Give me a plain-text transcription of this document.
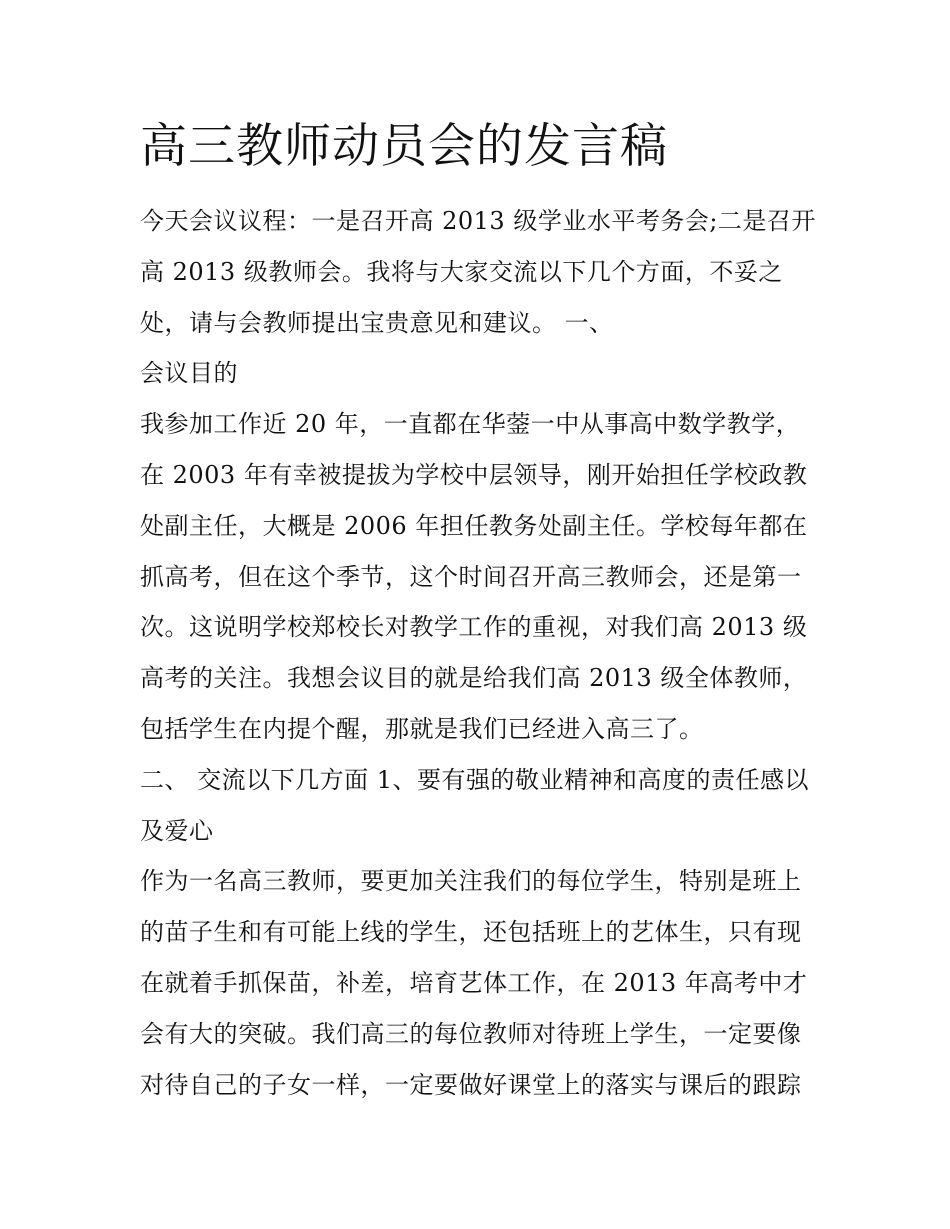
高三教师动员会的发言稿
今天会议议程：一是召开高 2013 级学业水平考务会;二是召开
高 2013 级教师会。我将与大家交流以下几个方面，不妥之
处，请与会教师提出宝贵意见和建议。 一、
会议目的
我参加工作近 20 年，一直都在华蓥一中从事高中数学教学，
在 2003 年有幸被提拔为学校中层领导，刚开始担任学校政教
处副主任，大概是 2006 年担任教务处副主任。学校每年都在
抓高考，但在这个季节，这个时间召开高三教师会，还是第一
次。这说明学校郑校长对教学工作的重视，对我们高 2013 级
高考的关注。我想会议目的就是给我们高 2013 级全体教师，
包括学生在内提个醒，那就是我们已经进入高三了。
二、 交流以下几方面 1、要有强的敬业精神和高度的责任感以
及爱心
作为一名高三教师，要更加关注我们的每位学生，特别是班上
的苗子生和有可能上线的学生，还包括班上的艺体生，只有现
在就着手抓保苗，补差，培育艺体工作，在 2013 年高考中才
会有大的突破。我们高三的每位教师对待班上学生，一定要像
对待自己的子女一样，一定要做好课堂上的落实与课后的跟踪
